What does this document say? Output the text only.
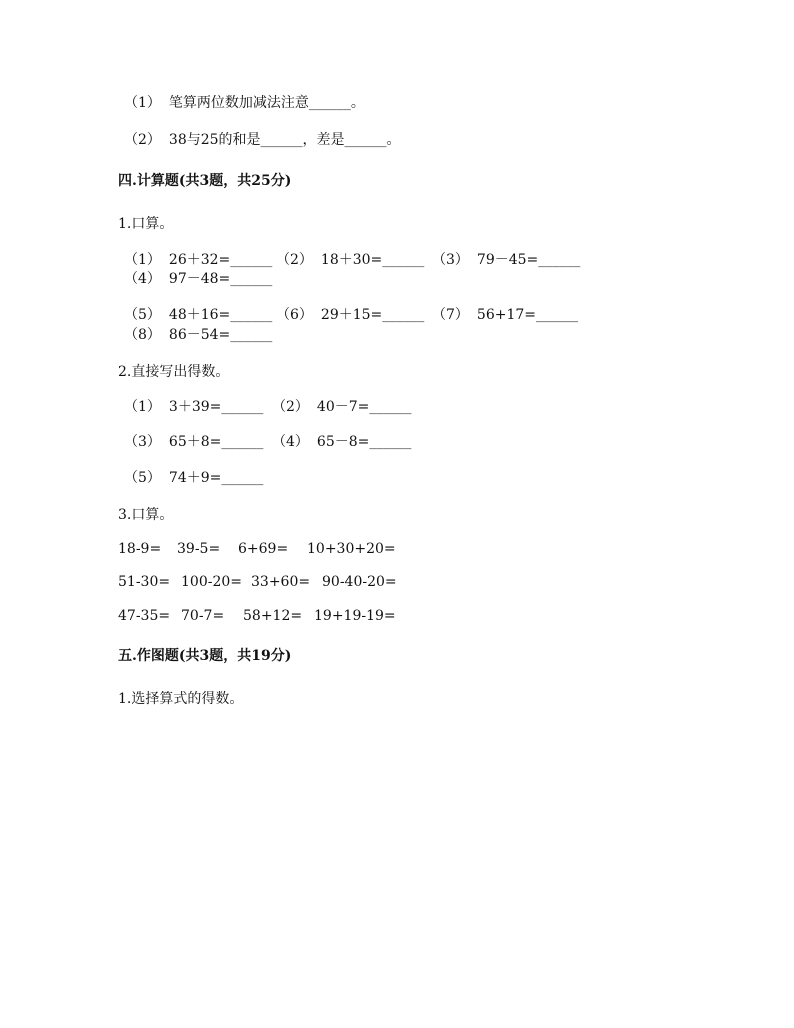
（1） 笔算两位数加减法注意______。
（2） 38与25的和是______，差是______。
四.计算题(共3题，共25分)
1.口算。
（1） 26＋32=______ （2） 18＋30=______ （3） 79－45=______
（4） 97－48=______
（5） 48＋16=______ （6） 29＋15=______ （7） 56+17=______
（8） 86－54=______
2.直接写出得数。
（1） 3＋39=______ （2） 40－7=______
（3） 65＋8=______ （4） 65－8=______
（5） 74＋9=______
3.口算。
18-9= 39-5= 6+69= 10+30+20=
51-30= 100-20= 33+60= 90-40-20=
47-35= 70-7= 58+12= 19+19-19=
五.作图题(共3题，共19分)
1.选择算式的得数。
